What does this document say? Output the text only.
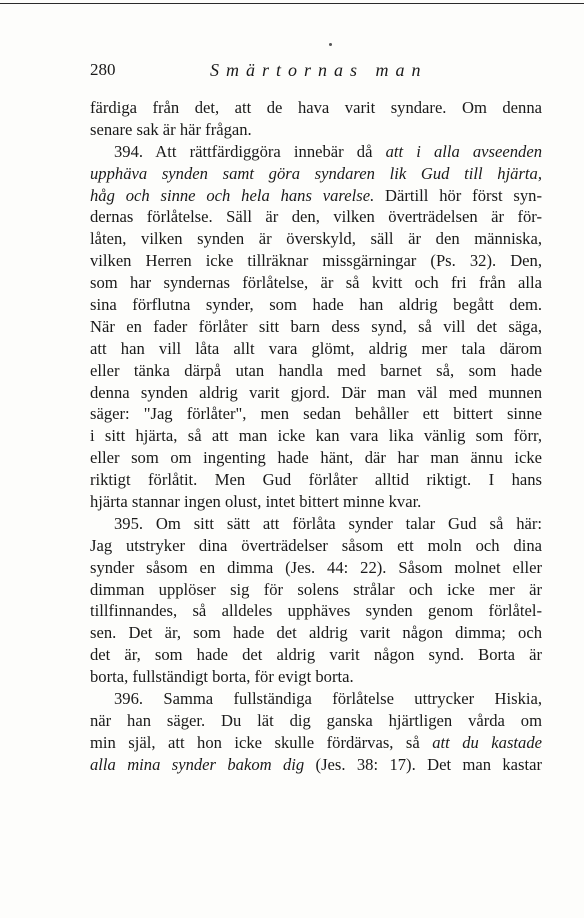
280	Smärtornas man
färdiga från det, att de hava varit syndare. Om denna
senare sak är här frågan.
394. Att rättfärdiggöra innebär då att i alla avseenden
upphäva synden samt göra syndaren lik Gud till hjärta,
håg och sinne och hela hans varelse. Därtill hör först syn-
dernas förlåtelse. Säll är den, vilken överträdelsen är för-
låten, vilken synden är överskyld, säll är den människa,
vilken Herren icke tillräknar missgärningar (Ps. 32). Den,
som har syndernas förlåtelse, är så kvitt och fri från alla
sina förflutna synder, som hade han aldrig begått dem.
När en fader förlåter sitt barn dess synd, så vill det säga,
att han vill låta allt vara glömt, aldrig mer tala därom
eller tänka därpå utan handla med barnet så, som hade
denna synden aldrig varit gjord. Där man väl med munnen
säger: "Jag förlåter", men sedan behåller ett bittert sinne
i sitt hjärta, så att man icke kan vara lika vänlig som förr,
eller som om ingenting hade hänt, där har man ännu icke
riktigt förlåtit. Men Gud förlåter alltid riktigt. I hans
hjärta stannar ingen olust, intet bittert minne kvar.
395. Om sitt sätt att förlåta synder talar Gud så här:
Jag utstryker dina överträdelser såsom ett moln och dina
synder såsom en dimma (Jes. 44: 22). Såsom molnet eller
dimman upplöser sig för solens strålar och icke mer är
tillfinnandes, så alldeles upphäves synden genom förlåtel-
sen. Det är, som hade det aldrig varit någon dimma; och
det är, som hade det aldrig varit någon synd. Borta är
borta, fullständigt borta, för evigt borta.
396. Samma fullständiga förlåtelse uttrycker Hiskia,
när han säger. Du lät dig ganska hjärtligen vårda om
min själ, att hon icke skulle fördärvas, så att du kastade
alla mina synder bakom dig (Jes. 38: 17). Det man kastar
